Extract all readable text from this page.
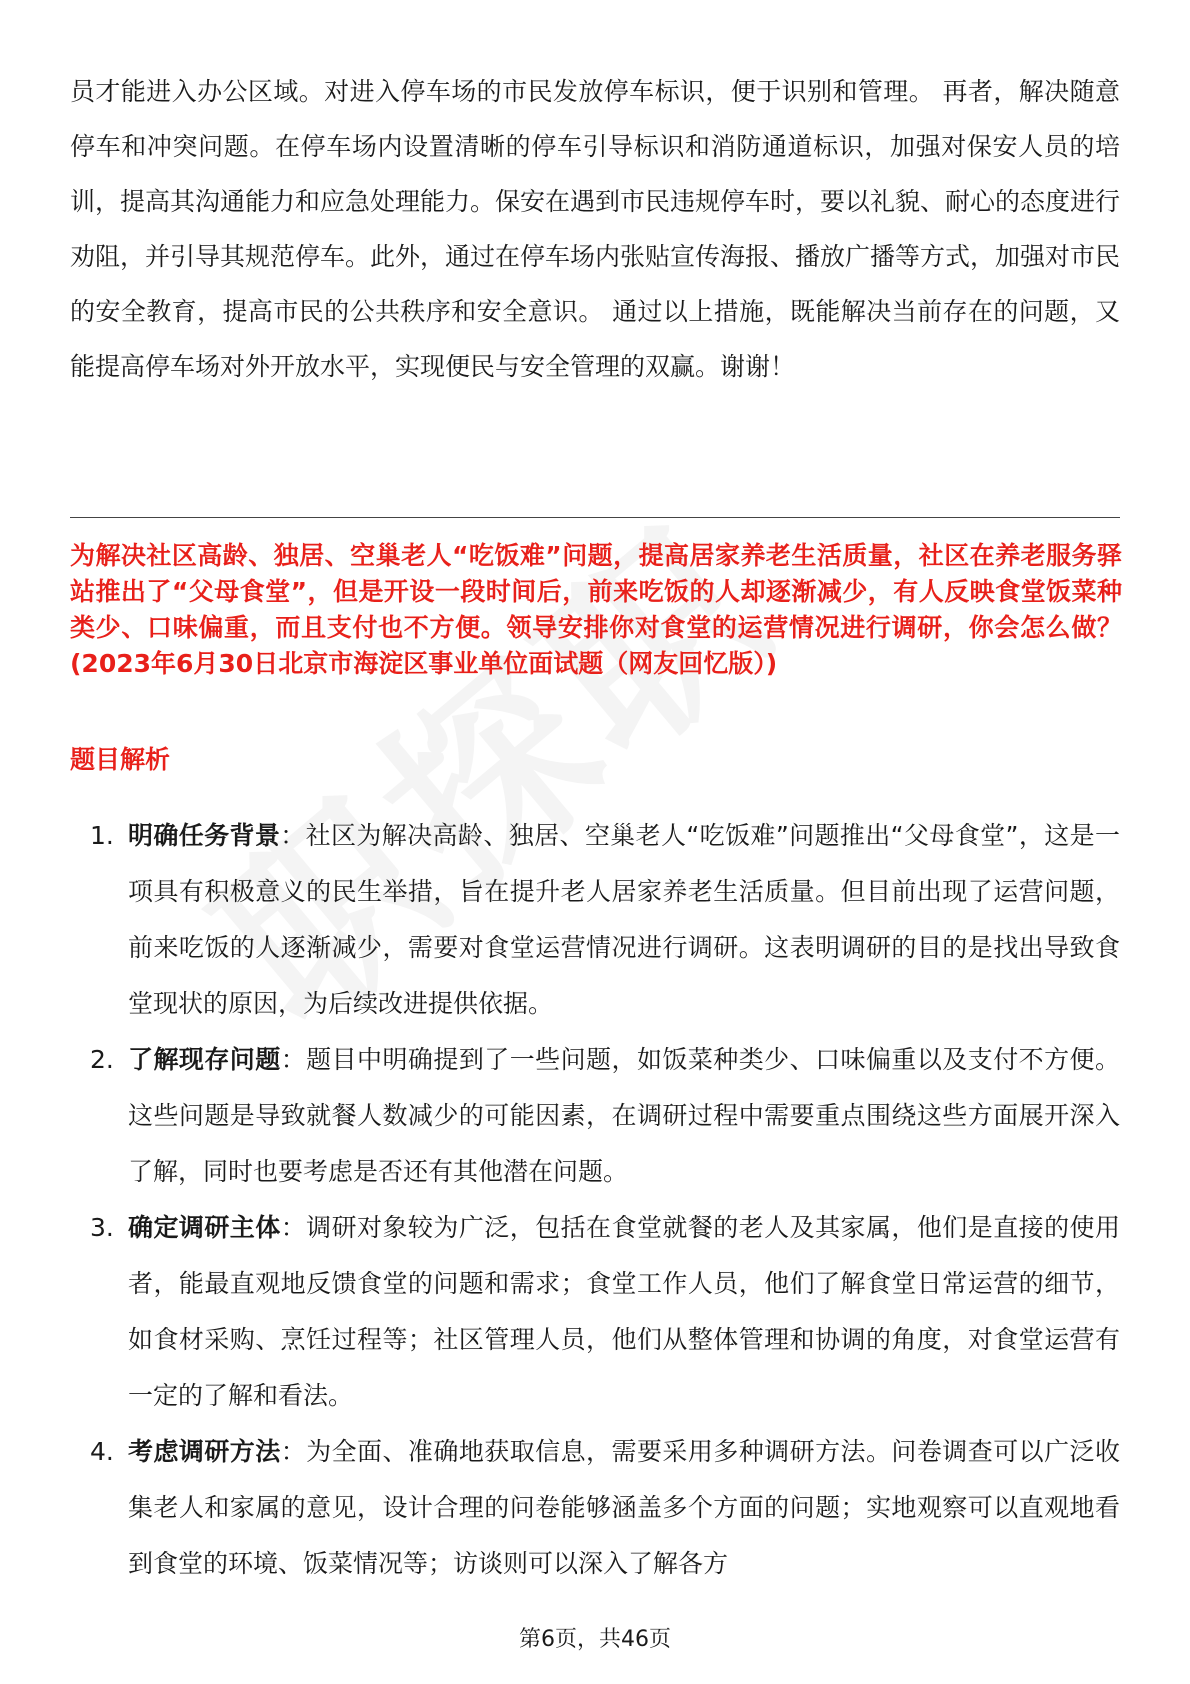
员才能进入办公区域。对进入停车场的市民发放停车标识，便于识别和管理。 再者，解决随意停车和冲突问题。在停车场内设置清晰的停车引导标识和消防通道标识，加强对保安人员的培训，提高其沟通能力和应急处理能力。保安在遇到市民违规停车时，要以礼貌、耐心的态度进行劝阻，并引导其规范停车。此外，通过在停车场内张贴宣传海报、播放广播等方式，加强对市民的安全教育，提高市民的公共秩序和安全意识。 通过以上措施，既能解决当前存在的问题，又能提高停车场对外开放水平，实现便民与安全管理的双赢。谢谢！
为解决社区高龄、独居、空巢老人“吃饭难”问题，提高居家养老生活质量，社区在养老服务驿站推出了“父母食堂”，但是开设一段时间后，前来吃饭的人却逐渐减少，有人反映食堂饭菜种类少、口味偏重，而且支付也不方便。领导安排你对食堂的运营情况进行调研，你会怎么做？(2023年6月30日北京市海淀区事业单位面试题（网友回忆版）)
题目解析
1. 明确任务背景：社区为解决高龄、独居、空巢老人“吃饭难”问题推出“父母食堂”，这是一项具有积极意义的民生举措，旨在提升老人居家养老生活质量。但目前出现了运营问题，前来吃饭的人逐渐减少，需要对食堂运营情况进行调研。这表明调研的目的是找出导致食堂现状的原因，为后续改进提供依据。
2. 了解现存问题：题目中明确提到了一些问题，如饭菜种类少、口味偏重以及支付不方便。这些问题是导致就餐人数减少的可能因素，在调研过程中需要重点围绕这些方面展开深入了解，同时也要考虑是否还有其他潜在问题。
3. 确定调研主体：调研对象较为广泛，包括在食堂就餐的老人及其家属，他们是直接的使用者，能最直观地反馈食堂的问题和需求；食堂工作人员，他们了解食堂日常运营的细节，如食材采购、烹饪过程等；社区管理人员，他们从整体管理和协调的角度，对食堂运营有一定的了解和看法。
4. 考虑调研方法：为全面、准确地获取信息，需要采用多种调研方法。问卷调查可以广泛收集老人和家属的意见，设计合理的问卷能够涵盖多个方面的问题；实地观察可以直观地看到食堂的环境、饭菜情况等；访谈则可以深入了解各方
第6页，共46页
